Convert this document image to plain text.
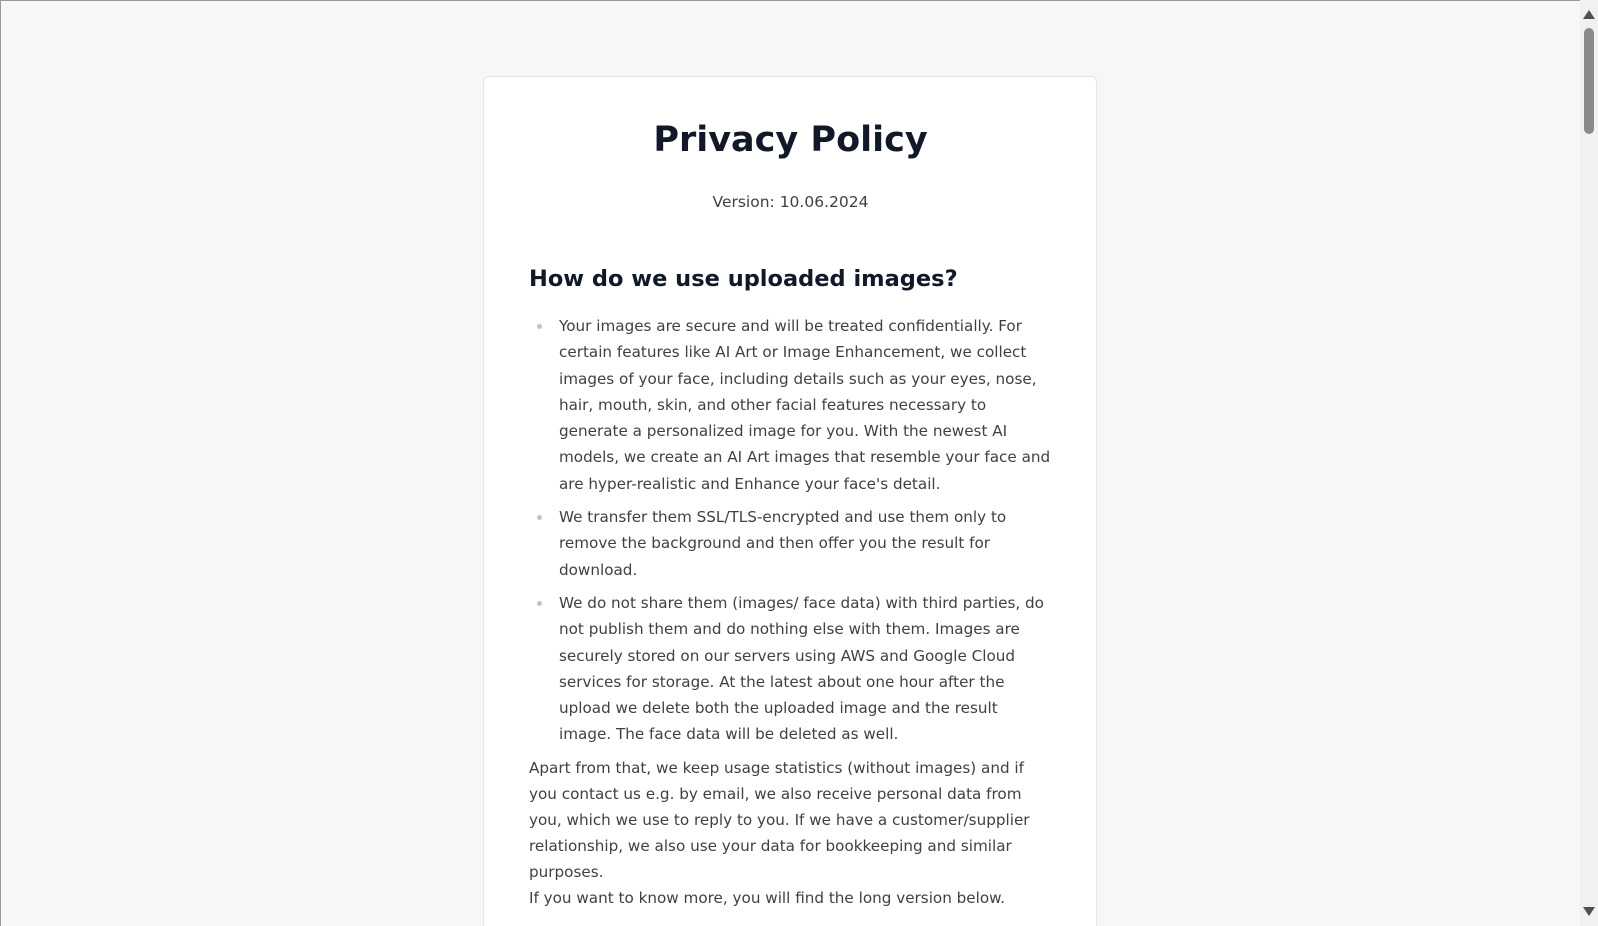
Privacy Policy
Version: 10.06.2024
How do we use uploaded images?
Your images are secure and will be treated confidentially. For certain features like AI Art or Image Enhancement, we collect images of your face, including details such as your eyes, nose, hair, mouth, skin, and other facial features necessary to generate a personalized image for you. With the newest AI models, we create an AI Art images that resemble your face and are hyper-realistic and Enhance your face's detail.
We transfer them SSL/TLS-encrypted and use them only to remove the background and then offer you the result for download.
We do not share them (images/ face data) with third parties, do not publish them and do nothing else with them. Images are securely stored on our servers using AWS and Google Cloud services for storage. At the latest about one hour after the upload we delete both the uploaded image and the result image. The face data will be deleted as well.

Apart from that, we keep usage statistics (without images) and if you contact us e.g. by email, we also receive personal data from you, which we use to reply to you. If we have a customer/supplier relationship, we also use your data for bookkeeping and similar purposes.

If you want to know more, you will find the long version below.
